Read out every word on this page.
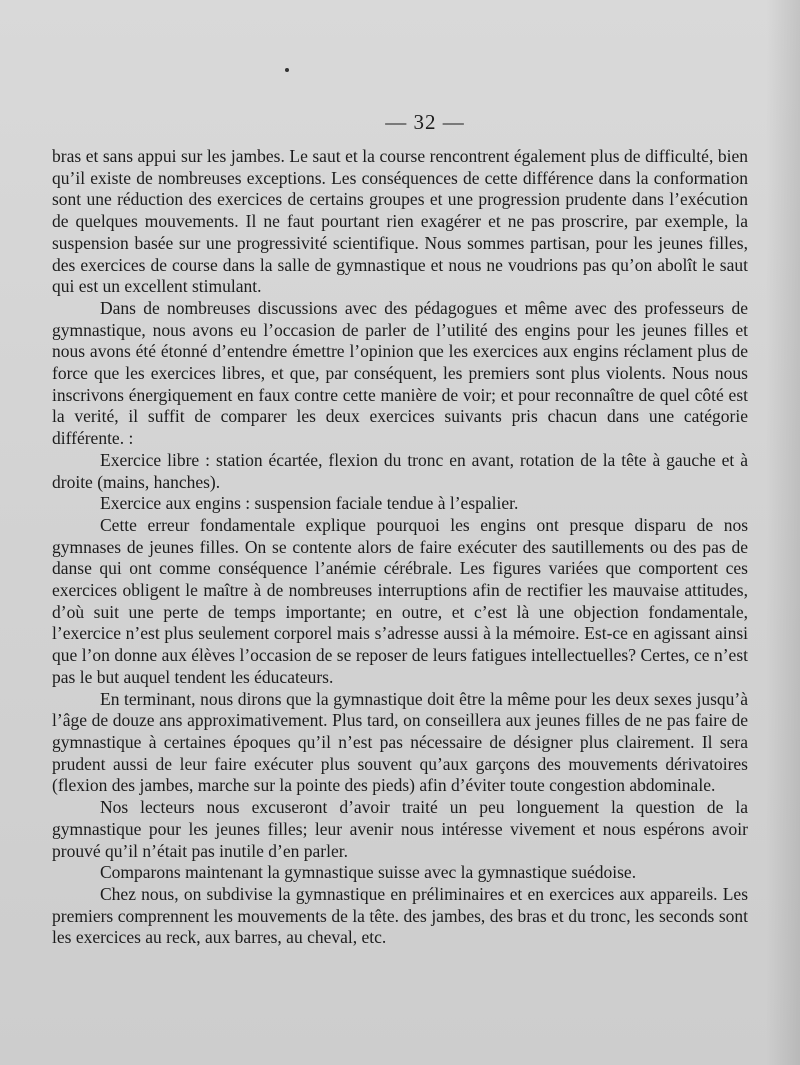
— 32 —

bras et sans appui sur les jambes. Le saut et la course rencontrent également plus de difficulté, bien qu’il existe de nombreuses exceptions. Les conséquences de cette différence dans la conformation sont une réduction des exercices de certains groupes et une progression prudente dans l’exécution de quelques mouvements. Il ne faut pourtant rien exagérer et ne pas proscrire, par exemple, la suspension basée sur une progressivité scientifique. Nous sommes partisan, pour les jeunes filles, des exercices de course dans la salle de gymnastique et nous ne voudrions pas qu’on abolît le saut qui est un excellent stimulant.

Dans de nombreuses discussions avec des pédagogues et même avec des professeurs de gymnastique, nous avons eu l’occasion de parler de l’utilité des engins pour les jeunes filles et nous avons été étonné d’entendre émettre l’opinion que les exercices aux engins réclament plus de force que les exercices libres, et que, par conséquent, les premiers sont plus violents. Nous nous inscrivons énergiquement en faux contre cette manière de voir; et pour reconnaître de quel côté est la verité, il suffit de comparer les deux exercices suivants pris chacun dans une catégorie différente. :

Exercice libre : station écartée, flexion du tronc en avant, rotation de la tête à gauche et à droite (mains, hanches).

Exercice aux engins : suspension faciale tendue à l’espalier.

Cette erreur fondamentale explique pourquoi les engins ont presque disparu de nos gymnases de jeunes filles. On se contente alors de faire exécuter des sautillements ou des pas de danse qui ont comme conséquence l’anémie cérébrale. Les figures variées que comportent ces exercices obligent le maître à de nombreuses interruptions afin de rectifier les mauvaise attitudes, d’où suit une perte de temps importante; en outre, et c’est là une objection fondamentale, l’exercice n’est plus seulement corporel mais s’adresse aussi à la mémoire. Est-ce en agissant ainsi que l’on donne aux élèves l’occasion de se reposer de leurs fatigues intellectuelles? Certes, ce n’est pas le but auquel tendent les éducateurs.

En terminant, nous dirons que la gymnastique doit être la même pour les deux sexes jusqu’à l’âge de douze ans approximativement. Plus tard, on conseillera aux jeunes filles de ne pas faire de gymnastique à certaines époques qu’il n’est pas nécessaire de désigner plus clairement. Il sera prudent aussi de leur faire exécuter plus souvent qu’aux garçons des mouvements dérivatoires (flexion des jambes, marche sur la pointe des pieds) afin d’éviter toute congestion abdominale.

Nos lecteurs nous excuseront d’avoir traité un peu longuement la question de la gymnastique pour les jeunes filles; leur avenir nous intéresse vivement et nous espérons avoir prouvé qu’il n’était pas inutile d’en parler.

Comparons maintenant la gymnastique suisse avec la gymnastique suédoise.

Chez nous, on subdivise la gymnastique en préliminaires et en exercices aux appareils. Les premiers comprennent les mouvements de la tête. des jambes, des bras et du tronc, les seconds sont les exercices au reck, aux barres, au cheval, etc.
